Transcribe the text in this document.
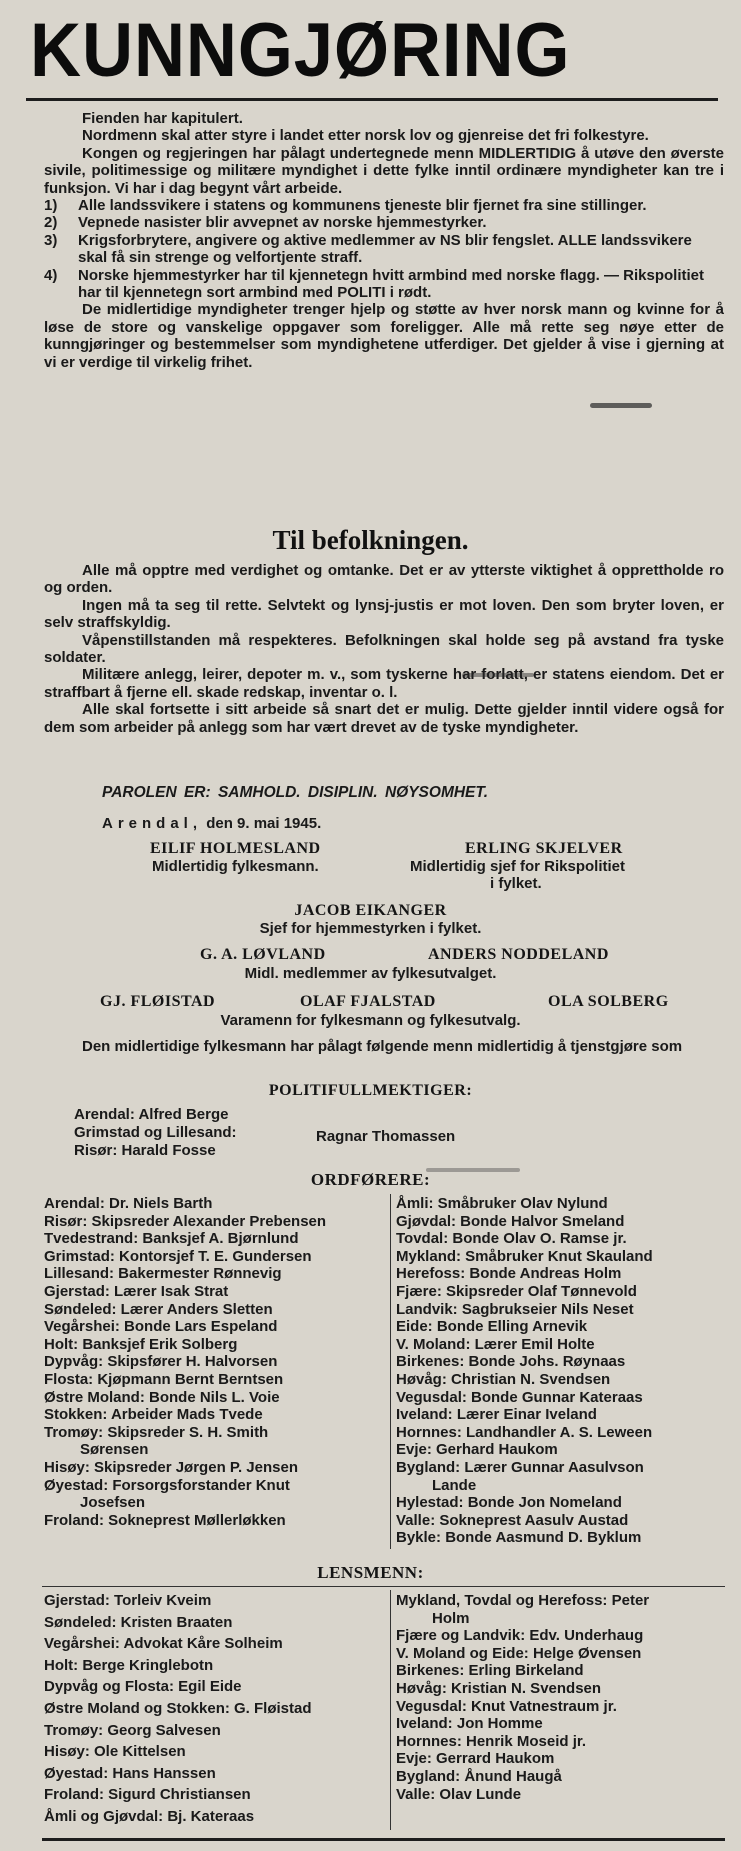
KUNNGJØRING

Fienden har kapitulert.

Nordmenn skal atter styre i landet etter norsk lov og gjenreise det fri folkestyre.

Kongen og regjeringen har pålagt undertegnede menn MIDLERTIDIG å utøve den øverste sivile, politimessige og militære myndighet i dette fylke inntil ordinære myndigheter kan tre i funksjon. Vi har i dag begynt vårt arbeide.

1)	Alle landssvikere i statens og kommunens tjeneste blir fjernet fra sine stillinger.
2)	Vepnede nasister blir avvepnet av norske hjemmestyrker.
3)	Krigsforbrytere, angivere og aktive medlemmer av NS blir fengslet. ALLE landssvikere skal få sin strenge og velfortjente straff.
4)	Norske hjemmestyrker har til kjennetegn hvitt armbind med norske flagg. — Rikspolitiet har til kjennetegn sort armbind med POLITI i rødt.

De midlertidige myndigheter trenger hjelp og støtte av hver norsk mann og kvinne for å løse de store og vanskelige oppgaver som foreligger. Alle må rette seg nøye etter de kunngjøringer og bestemmelser som myndighetene utferdiger. Det gjelder å vise i gjerning at vi er verdige til virkelig frihet.

Til befolkningen.

Alle må opptre med verdighet og omtanke. Det er av ytterste viktighet å opprettholde ro og orden.

Ingen må ta seg til rette. Selvtekt og lynsj-justis er mot loven. Den som bryter loven, er selv straffskyldig.

Våpenstillstanden må respekteres. Befolkningen skal holde seg på avstand fra tyske soldater.

Militære anlegg, leirer, depoter m. v., som tyskerne har forlatt, er statens eiendom. Det er straffbart å fjerne ell. skade redskap, inventar o. l.

Alle skal fortsette i sitt arbeide så snart det er mulig. Dette gjelder inntil videre også for dem som arbeider på anlegg som har vært drevet av de tyske myndigheter.

PAROLEN ER: SAMHOLD. DISIPLIN. NØYSOMHET.
Arendal, den 9. mai 1945.
EILIF HOLMESLAND
Midlertidig fylkesmann.
ERLING SKJELVER
Midlertidig sjef for Rikspolitiet
i fylket.
JACOB EIKANGER
Sjef for hjemmestyrken i fylket.
G. A. LØVLAND	ANDERS NODDELAND
Midl. medlemmer av fylkesutvalget.
GJ. FLØISTAD	OLAF FJALSTAD	OLA SOLBERG
Varamenn for fylkesmann og fylkesutvalg.

Den midlertidige fylkesmann har pålagt følgende menn midlertidig å tjenstgjøre som

POLITIFULLMEKTIGER:
Arendal: Alfred Berge
Grimstad og Lillesand:	Ragnar Thomassen
Risør: Harald Fosse
ORDFØRERE:
Arendal: Dr. Niels Barth
Risør: Skipsreder Alexander Prebensen
Tvedestrand: Banksjef A. Bjørnlund
Grimstad: Kontorsjef T. E. Gundersen
Lillesand: Bakermester Rønnevig
Gjerstad: Lærer Isak Strat
Søndeled: Lærer Anders Sletten
Vegårshei: Bonde Lars Espeland
Holt: Banksjef Erik Solberg
Dypvåg: Skipsfører H. Halvorsen
Flosta: Kjøpmann Bernt Berntsen
Østre Moland: Bonde Nils L. Voie
Stokken: Arbeider Mads Tvede
Tromøy: Skipsreder S. H. Smith
Sørensen
Hisøy: Skipsreder Jørgen P. Jensen
Øyestad: Forsorgsforstander Knut
Josefsen
Froland: Sokneprest Møllerløkken
Åmli: Småbruker Olav Nylund
Gjøvdal: Bonde Halvor Smeland
Tovdal: Bonde Olav O. Ramse jr.
Mykland: Småbruker Knut Skauland
Herefoss: Bonde Andreas Holm
Fjære: Skipsreder Olaf Tønnevold
Landvik: Sagbrukseier Nils Neset
Eide: Bonde Elling Arnevik
V. Moland: Lærer Emil Holte
Birkenes: Bonde Johs. Røynaas
Høvåg: Christian N. Svendsen
Vegusdal: Bonde Gunnar Kateraas
Iveland: Lærer Einar Iveland
Hornnes: Landhandler A. S. Leween
Evje: Gerhard Haukom
Bygland: Lærer Gunnar Aasulvson
Lande
Hylestad: Bonde Jon Nomeland
Valle: Sokneprest Aasulv Austad
Bykle: Bonde Aasmund D. Byklum
LENSMENN:
Gjerstad: Torleiv Kveim
Søndeled: Kristen Braaten
Vegårshei: Advokat Kåre Solheim
Holt: Berge Kringlebotn
Dypvåg og Flosta: Egil Eide
Østre Moland og Stokken: G. Fløistad
Tromøy: Georg Salvesen
Hisøy: Ole Kittelsen
Øyestad: Hans Hanssen
Froland: Sigurd Christiansen
Åmli og Gjøvdal: Bj. Kateraas
Mykland, Tovdal og Herefoss: Peter
Holm
Fjære og Landvik: Edv. Underhaug
V. Moland og Eide: Helge Øvensen
Birkenes: Erling Birkeland
Høvåg: Kristian N. Svendsen
Vegusdal: Knut Vatnestraum jr.
Iveland: Jon Homme
Hornnes: Henrik Moseid jr.
Evje: Gerrard Haukom
Bygland: Ånund Haugå
Valle: Olav Lunde
